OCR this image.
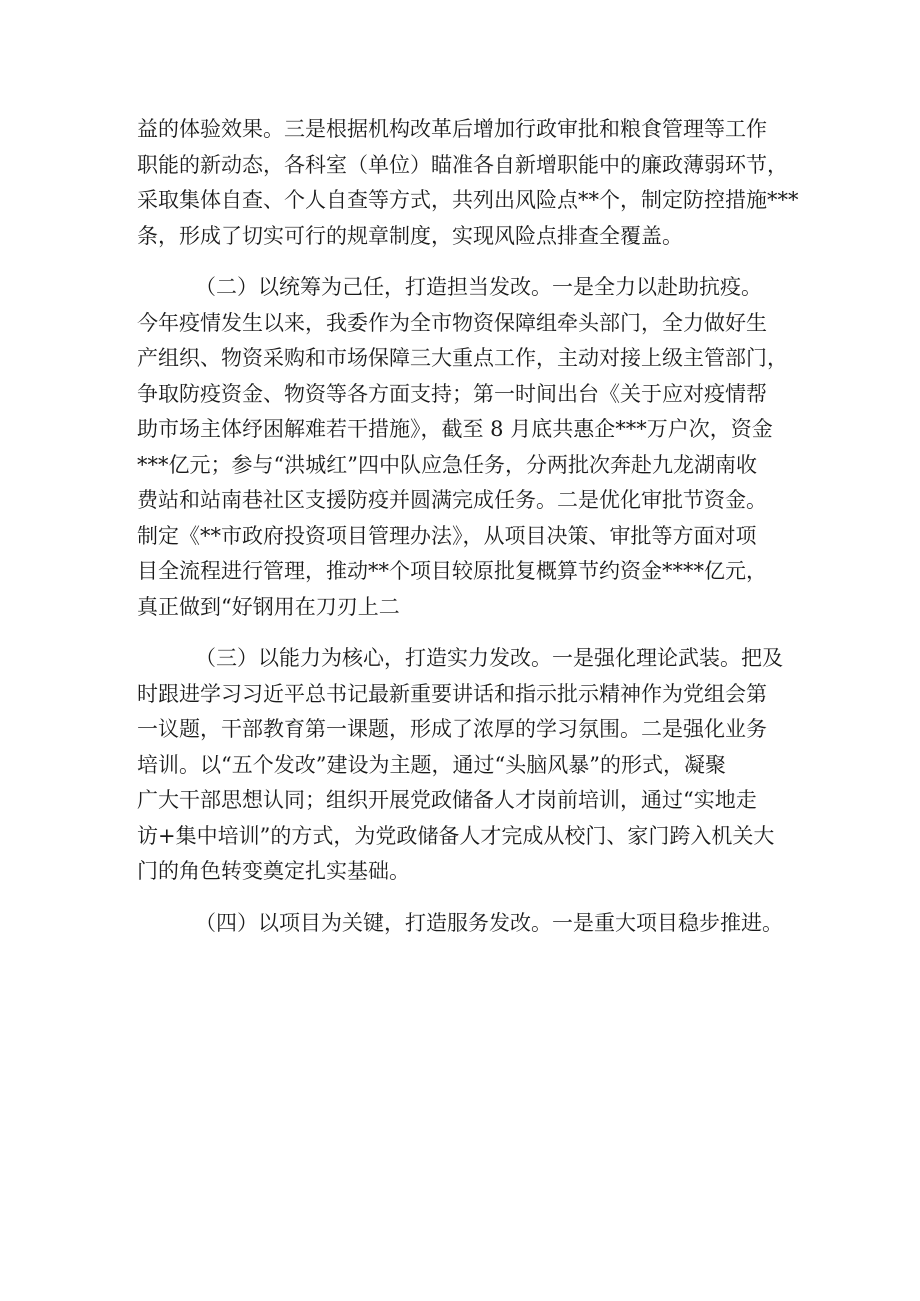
益的体验效果。三是根据机构改革后增加行政审批和粮食管理等工作
职能的新动态，各科室（单位）瞄准各自新增职能中的廉政薄弱环节，
采取集体自查、个人自查等方式，共列出风险点**个，制定防控措施***
条，形成了切实可行的规章制度，实现风险点排查全覆盖。
（二）以统筹为己任，打造担当发改。一是全力以赴助抗疫。
今年疫情发生以来，我委作为全市物资保障组牵头部门，全力做好生
产组织、物资采购和市场保障三大重点工作，主动对接上级主管部门，
争取防疫资金、物资等各方面支持；第一时间出台《关于应对疫情帮
助市场主体纾困解难若干措施》，截至 8 月底共惠企***万户次，资金
***亿元；参与“洪城红”四中队应急任务，分两批次奔赴九龙湖南收
费站和站南巷社区支援防疫并圆满完成任务。二是优化审批节资金。
制定《**市政府投资项目管理办法》，从项目决策、审批等方面对项
目全流程进行管理，推动**个项目较原批复概算节约资金****亿元，
真正做到“好钢用在刀刃上二
（三）以能力为核心，打造实力发改。一是强化理论武装。把及
时跟进学习习近平总书记最新重要讲话和指示批示精神作为党组会第
一议题，干部教育第一课题，形成了浓厚的学习氛围。二是强化业务
培训。以“五个发改”建设为主题，通过“头脑风暴”的形式，凝聚
广大干部思想认同；组织开展党政储备人才岗前培训，通过“实地走
访+集中培训”的方式，为党政储备人才完成从校门、家门跨入机关大
门的角色转变奠定扎实基础。
（四）以项目为关键，打造服务发改。一是重大项目稳步推进。
